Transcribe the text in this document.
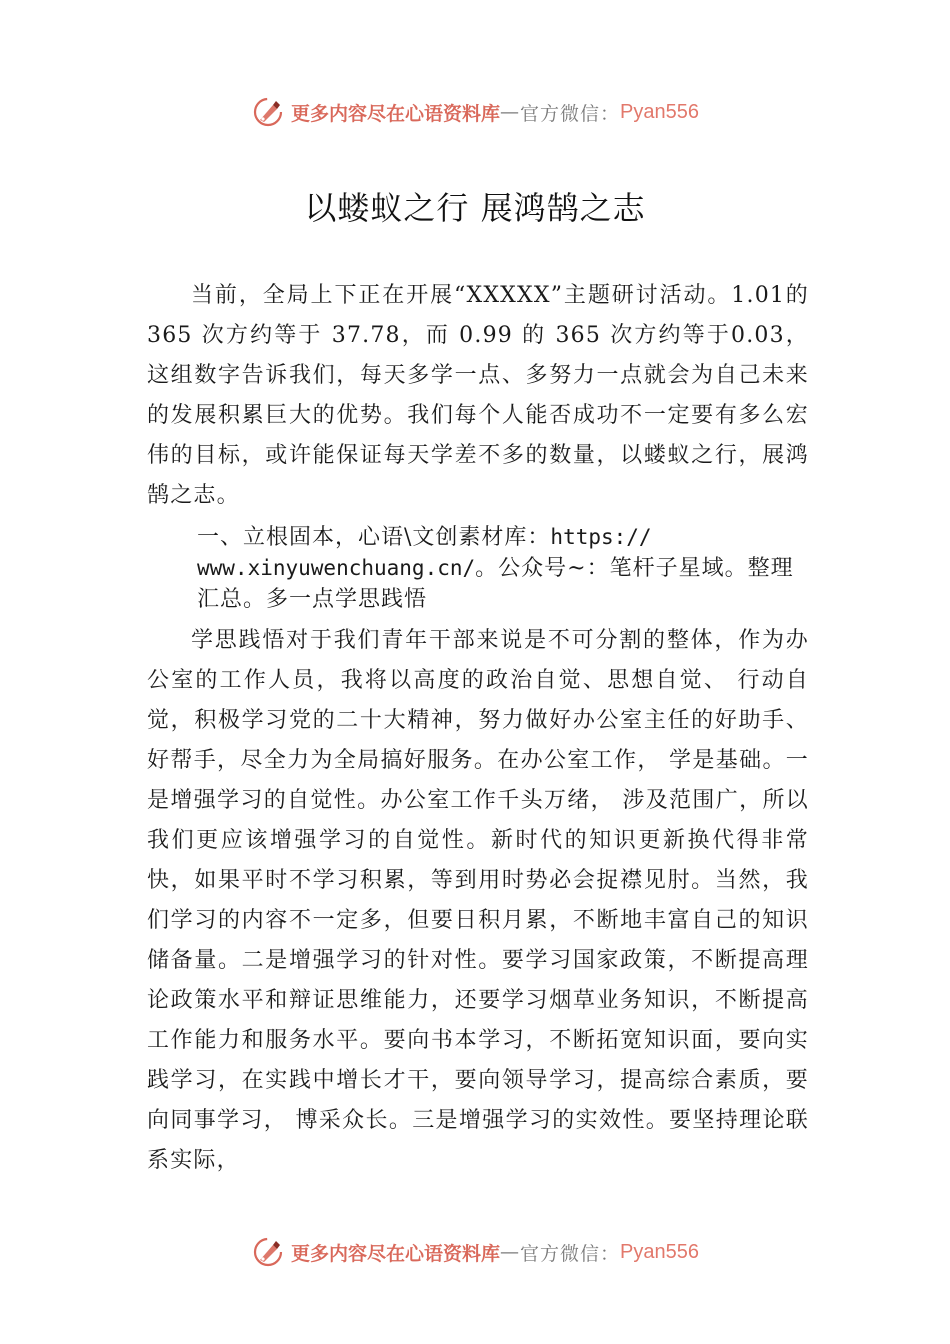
更多内容尽在心语资料库 — 官方微信： Pyan556
以蝼蚁之行 展鸿鹄之志

当前，全局上下正在开展“XXXXX”主题研讨活动。1.01的 365 次方约等于 37.78，而 0.99 的 365 次方约等于0.03， 这组数字告诉我们，每天多学一点、多努力一点就会为自己未来的发展积累巨大的优势。我们每个人能否成功不一定要有多么宏伟的目标，或许能保证每天学差不多的数量，以蝼蚁之行，展鸿鹄之志。

一、立根固本，心语\文创素材库：https://
www.xinyuwenchuang.cn/。公众号~：笔杆子星域。整理汇总。多一点学思践悟

学思践悟对于我们青年干部来说是不可分割的整体，作为办公室的工作人员，我将以高度的政治自觉、思想自觉、 行动自觉，积极学习党的二十大精神，努力做好办公室主任的好助手、好帮手，尽全力为全局搞好服务。在办公室工作， 学是基础。一是增强学习的自觉性。办公室工作千头万绪， 涉及范围广，所以我们更应该增强学习的自觉性。新时代的知识更新换代得非常快，如果平时不学习积累，等到用时势必会捉襟见肘。当然，我们学习的内容不一定多，但要日积月累，不断地丰富自己的知识储备量。二是增强学习的针对性。要学习国家政策，不断提高理论政策水平和辩证思维能力，还要学习烟草业务知识，不断提高工作能力和服务水平。要向书本学习，不断拓宽知识面，要向实践学习，在实践中增长才干，要向领导学习，提高综合素质，要向同事学习， 博采众长。三是增强学习的实效性。要坚持理论联系实际，

更多内容尽在心语资料库 — 官方微信： Pyan556
